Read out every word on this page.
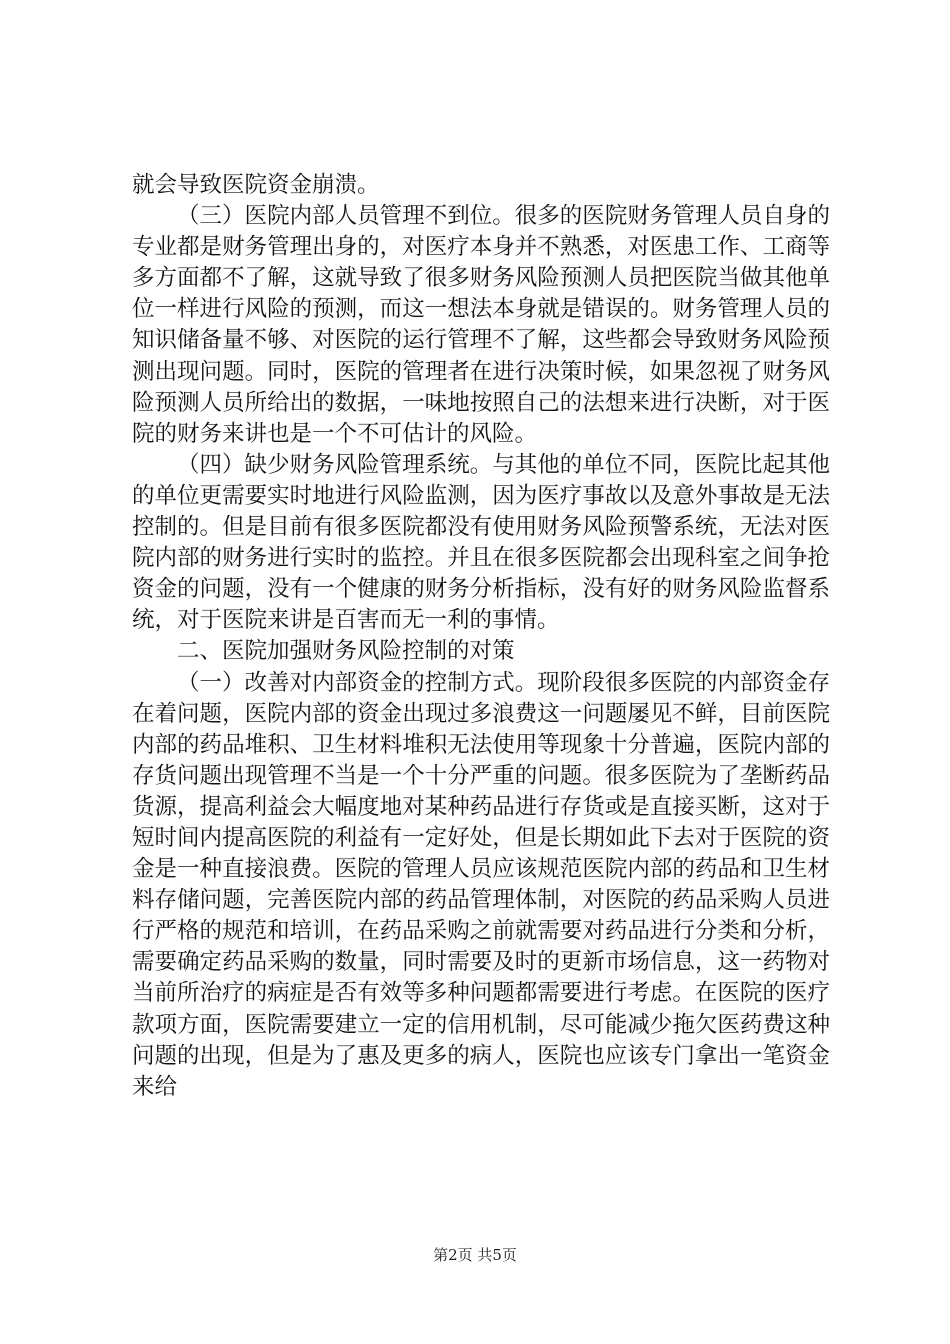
就会导致医院资金崩溃。

（三）医院内部人员管理不到位。很多的医院财务管理人员自身的专业都是财务管理出身的，对医疗本身并不熟悉，对医患工作、工商等多方面都不了解，这就导致了很多财务风险预测人员把医院当做其他单位一样进行风险的预测，而这一想法本身就是错误的。财务管理人员的知识储备量不够、对医院的运行管理不了解，这些都会导致财务风险预测出现问题。同时，医院的管理者在进行决策时候，如果忽视了财务风险预测人员所给出的数据，一味地按照自己的法想来进行决断，对于医院的财务来讲也是一个不可估计的风险。

（四）缺少财务风险管理系统。与其他的单位不同，医院比起其他的单位更需要实时地进行风险监测，因为医疗事故以及意外事故是无法控制的。但是目前有很多医院都没有使用财务风险预警系统，无法对医院内部的财务进行实时的监控。并且在很多医院都会出现科室之间争抢资金的问题，没有一个健康的财务分析指标，没有好的财务风险监督系统，对于医院来讲是百害而无一利的事情。

二、医院加强财务风险控制的对策

（一）改善对内部资金的控制方式。现阶段很多医院的内部资金存在着问题，医院内部的资金出现过多浪费这一问题屡见不鲜，目前医院内部的药品堆积、卫生材料堆积无法使用等现象十分普遍，医院内部的存货问题出现管理不当是一个十分严重的问题。很多医院为了垄断药品货源，提高利益会大幅度地对某种药品进行存货或是直接买断，这对于短时间内提高医院的利益有一定好处，但是长期如此下去对于医院的资金是一种直接浪费。医院的管理人员应该规范医院内部的药品和卫生材料存储问题，完善医院内部的药品管理体制，对医院的药品采购人员进行严格的规范和培训，在药品采购之前就需要对药品进行分类和分析，需要确定药品采购的数量，同时需要及时的更新市场信息，这一药物对当前所治疗的病症是否有效等多种问题都需要进行考虑。在医院的医疗款项方面，医院需要建立一定的信用机制，尽可能减少拖欠医药费这种问题的出现，但是为了惠及更多的病人，医院也应该专门拿出一笔资金来给

第2页 共5页
